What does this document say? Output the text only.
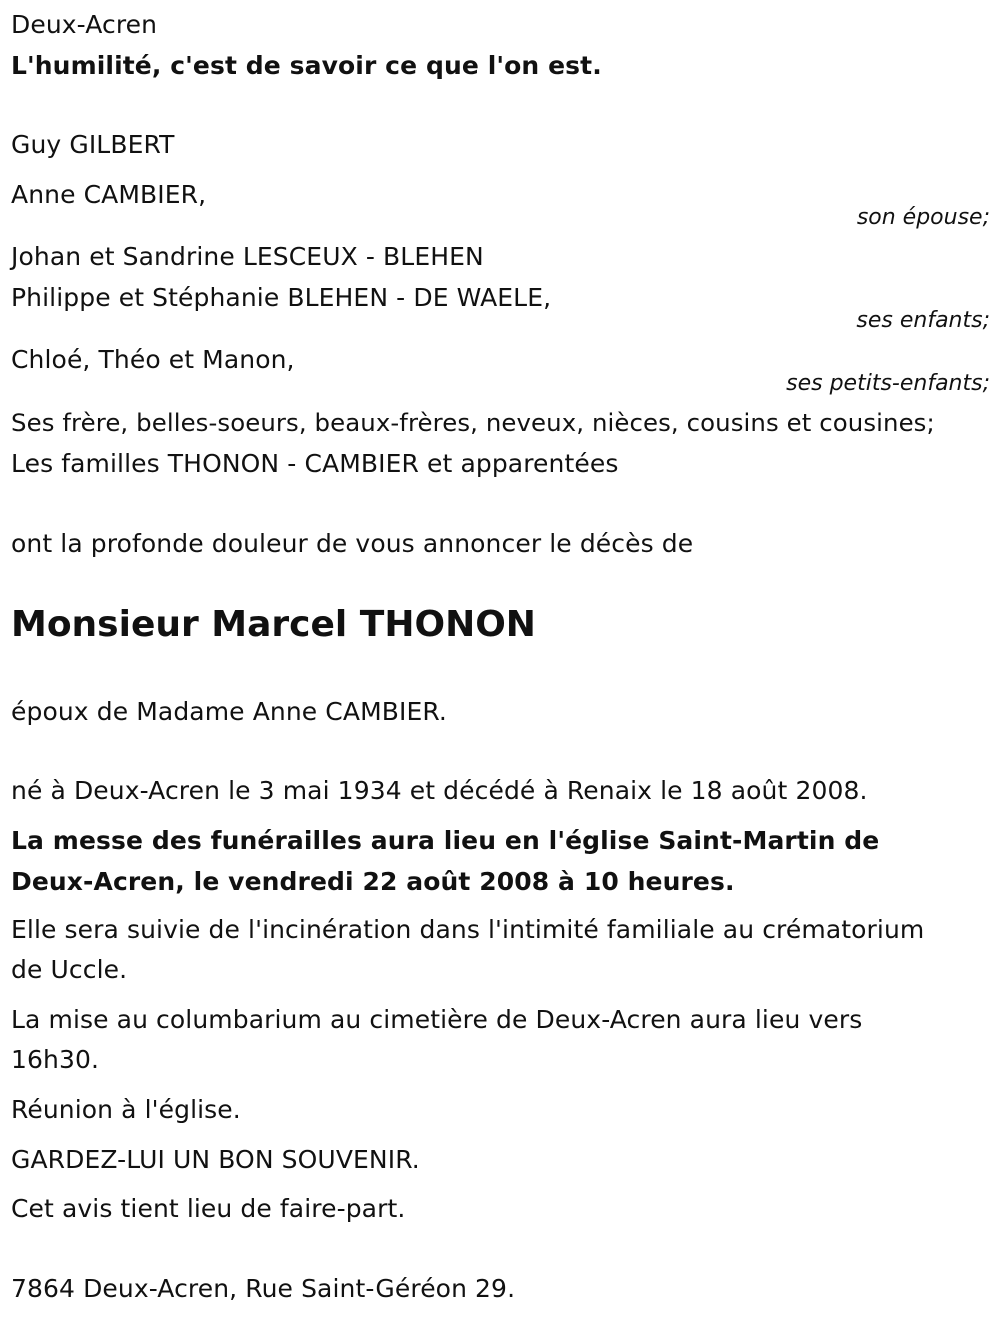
Deux-Acren
L'humilité, c'est de savoir ce que l'on est.
Guy GILBERT
Anne CAMBIER,
son épouse;
Johan et Sandrine LESCEUX - BLEHEN
Philippe et Stéphanie BLEHEN - DE WAELE,
ses enfants;
Chloé, Théo et Manon,
ses petits-enfants;
Ses frère, belles-soeurs, beaux-frères, neveux, nièces, cousins et cousines;
Les familles THONON - CAMBIER et apparentées
ont la profonde douleur de vous annoncer le décès de
Monsieur Marcel THONON
époux de Madame Anne CAMBIER.
né à Deux-Acren le 3 mai 1934 et décédé à Renaix le 18 août 2008.
La messe des funérailles aura lieu en l'église Saint-Martin de
Deux-Acren, le vendredi 22 août 2008 à 10 heures.
Elle sera suivie de l'incinération dans l'intimité familiale au crématorium
de Uccle.
La mise au columbarium au cimetière de Deux-Acren aura lieu vers
16h30.
Réunion à l'église.
GARDEZ-LUI UN BON SOUVENIR.
Cet avis tient lieu de faire-part.
7864 Deux-Acren, Rue Saint-Géréon 29.
